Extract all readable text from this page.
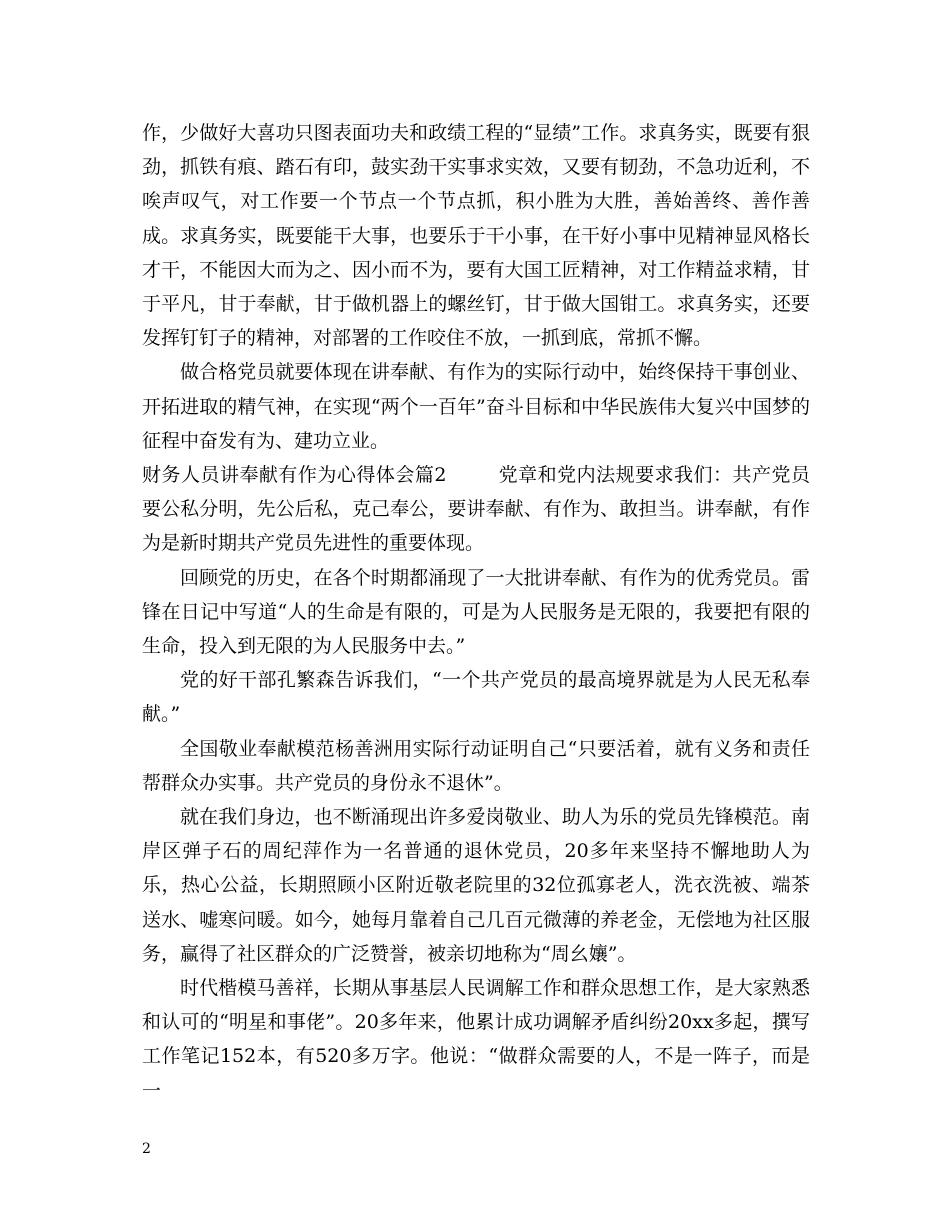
作，少做好大喜功只图表面功夫和政绩工程的“显绩”工作。求真务实，既要有狠劲，抓铁有痕、踏石有印，鼓实劲干实事求实效，又要有韧劲，不急功近利，不唉声叹气，对工作要一个节点一个节点抓，积小胜为大胜，善始善终、善作善成。求真务实，既要能干大事，也要乐于干小事，在干好小事中见精神显风格长才干，不能因大而为之、因小而不为，要有大国工匠精神，对工作精益求精，甘于平凡，甘于奉献，甘于做机器上的螺丝钉，甘于做大国钳工。求真务实，还要发挥钉钉子的精神，对部署的工作咬住不放，一抓到底，常抓不懈。

做合格党员就要体现在讲奉献、有作为的实际行动中，始终保持干事创业、开拓进取的精气神，在实现“两个一百年”奋斗目标和中华民族伟大复兴中国梦的征程中奋发有为、建功立业。

财务人员讲奉献有作为心得体会篇2	党章和党内法规要求我们：共产党员要公私分明，先公后私，克己奉公，要讲奉献、有作为、敢担当。讲奉献，有作为是新时期共产党员先进性的重要体现。

回顾党的历史，在各个时期都涌现了一大批讲奉献、有作为的优秀党员。雷锋在日记中写道“人的生命是有限的，可是为人民服务是无限的，我要把有限的生命，投入到无限的为人民服务中去。”

党的好干部孔繁森告诉我们，“一个共产党员的最高境界就是为人民无私奉献。”

全国敬业奉献模范杨善洲用实际行动证明自己“只要活着，就有义务和责任帮群众办实事。共产党员的身份永不退休”。

就在我们身边，也不断涌现出许多爱岗敬业、助人为乐的党员先锋模范。南岸区弹子石的周纪萍作为一名普通的退休党员，20多年来坚持不懈地助人为乐，热心公益，长期照顾小区附近敬老院里的32位孤寡老人，洗衣洗被、端茶送水、嘘寒问暖。如今，她每月靠着自己几百元微薄的养老金，无偿地为社区服务，赢得了社区群众的广泛赞誉，被亲切地称为“周幺孃”。

时代楷模马善祥，长期从事基层人民调解工作和群众思想工作，是大家熟悉和认可的“明星和事佬”。20多年来，他累计成功调解矛盾纠纷20xx多起，撰写工作笔记152本，有520多万字。他说：“做群众需要的人，不是一阵子，而是一

2
